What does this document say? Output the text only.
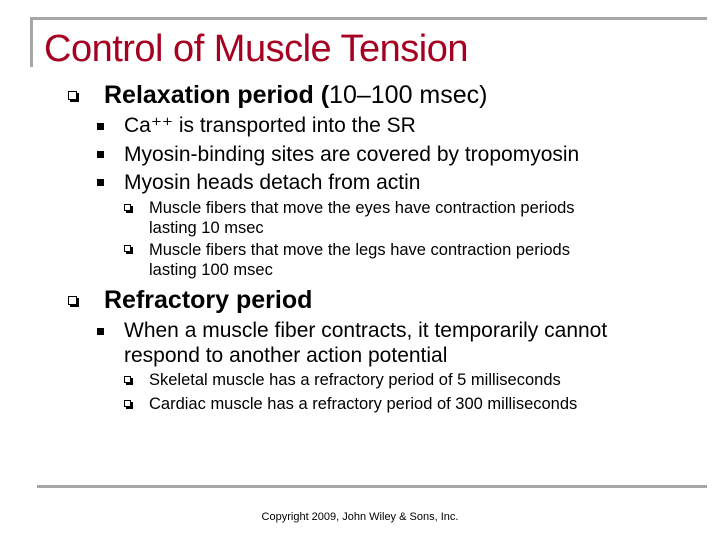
Control of Muscle Tension
Relaxation period (10–100 msec)
Ca⁺⁺ is transported into the SR
Myosin-binding sites are covered by tropomyosin
Myosin heads detach from actin
Muscle fibers that move the eyes have contraction periods
lasting 10 msec
Muscle fibers that move the legs have contraction periods
lasting 100 msec
Refractory period
When a muscle fiber contracts, it temporarily cannot
respond to another action potential
Skeletal muscle has a refractory period of 5 milliseconds
Cardiac muscle has a refractory period of 300 milliseconds
Copyright 2009, John Wiley & Sons, Inc.
